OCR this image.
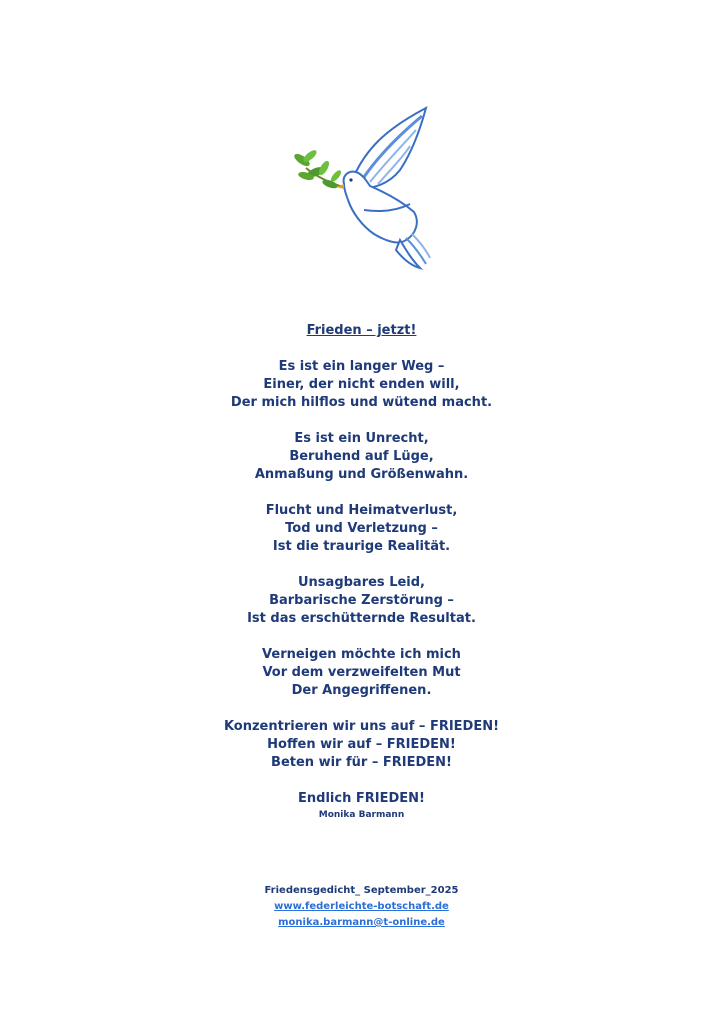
Frieden – jetzt!
Es ist ein langer Weg –
Einer, der nicht enden will,
Der mich hilflos und wütend macht.
Es ist ein Unrecht,
Beruhend auf Lüge,
Anmaßung und Größenwahn.
Flucht und Heimatverlust,
Tod und Verletzung –
Ist die traurige Realität.
Unsagbares Leid,
Barbarische Zerstörung –
Ist das erschütternde Resultat.
Verneigen möchte ich mich
Vor dem verzweifelten Mut
Der Angegriffenen.
Konzentrieren wir uns auf – FRIEDEN!
Hoffen wir auf – FRIEDEN!
Beten wir für – FRIEDEN!
Endlich FRIEDEN!
Monika Barmann
Friedensgedicht_ September_2025
www.federleichte-botschaft.de
monika.barmann@t-online.de
